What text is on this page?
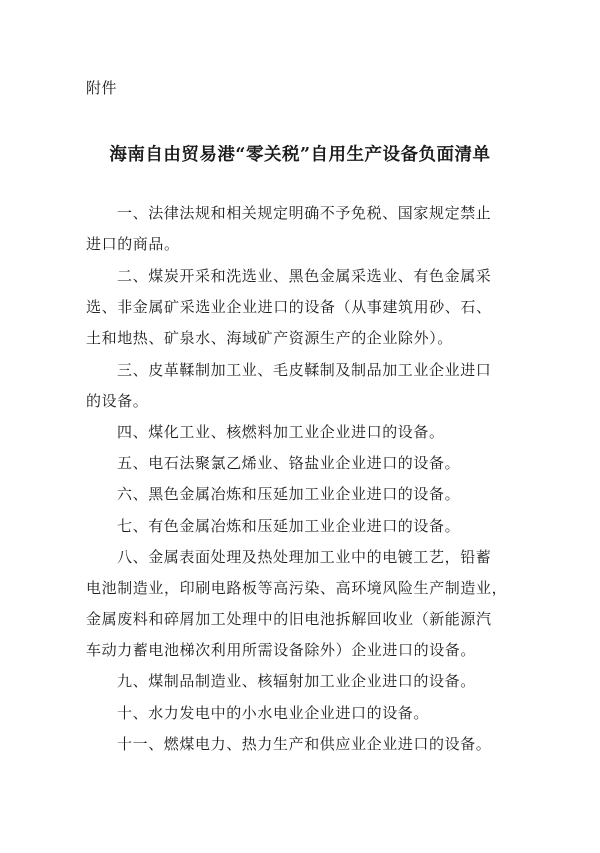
附件
海南自由贸易港“零关税”自用生产设备负面清单
一、法律法规和相关规定明确不予免税、国家规定禁止
进口的商品。
二、煤炭开采和洗选业、黑色金属采选业、有色金属采
选、非金属矿采选业企业进口的设备（从事建筑用砂、石、
土和地热、矿泉水、海域矿产资源生产的企业除外）。
三、皮革鞣制加工业、毛皮鞣制及制品加工业企业进口
的设备。
四、煤化工业、核燃料加工业企业进口的设备。
五、电石法聚氯乙烯业、铬盐业企业进口的设备。
六、黑色金属冶炼和压延加工业企业进口的设备。
七、有色金属冶炼和压延加工业企业进口的设备。
八、金属表面处理及热处理加工业中的电镀工艺，铅蓄
电池制造业，印刷电路板等高污染、高环境风险生产制造业，
金属废料和碎屑加工处理中的旧电池拆解回收业（新能源汽
车动力蓄电池梯次利用所需设备除外）企业进口的设备。
九、煤制品制造业、核辐射加工业企业进口的设备。
十、水力发电中的小水电业企业进口的设备。
十一、燃煤电力、热力生产和供应业企业进口的设备。
